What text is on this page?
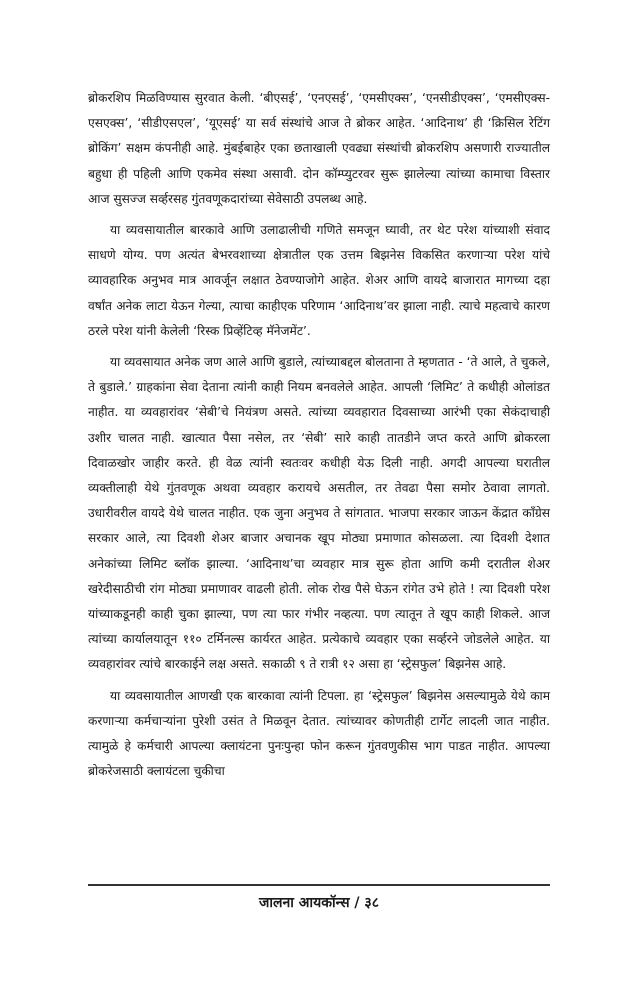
ब्रोकरशिप मिळविण्यास सुरवात केली. ‘बीएसई’, ‘एनएसई’, ‘एमसीएक्स’, ‘एनसीडीएक्स’, ‘एमसीएक्स-एसएक्स’, ‘सीडीएसएल’, ‘यूएसई’ या सर्व संस्थांचे आज ते ब्रोकर आहेत. ‘आदिनाथ’ ही ‘क्रिसिल रेटिंग ब्रोकिंग’ सक्षम कंपनीही आहे. मुंबईबाहेर एका छताखाली एवढ्या संस्थांची ब्रोकरशिप असणारी राज्यातील बहुधा ही पहिली आणि एकमेव संस्था असावी. दोन कॉम्प्युटरवर सुरू झालेल्या त्यांच्या कामाचा विस्तार आज सुसज्ज सर्व्हरसह गुंतवणूकदारांच्या सेवेसाठी उपलब्ध आहे.

या व्यवसायातील बारकावे आणि उलाढालीची गणिते समजून घ्यावी, तर थेट परेश यांच्याशी संवाद साधणे योग्य. पण अत्यंत बेभरवशाच्या क्षेत्रातील एक उत्तम बिझनेस विकसित करणाऱ्या परेश यांचे व्यावहारिक अनुभव मात्र आवर्जून लक्षात ठेवण्याजोगे आहेत. शेअर आणि वायदे बाजारात मागच्या दहा वर्षांत अनेक लाटा येऊन गेल्या, त्याचा काहीएक परिणाम ‘आदिनाथ’वर झाला नाही. त्याचे महत्वाचे कारण ठरले परेश यांनी केलेली ‘रिस्क प्रिव्हेंटिव्ह मॅनेजमेंट’.

या व्यवसायात अनेक जण आले आणि बुडाले, त्यांच्याबद्दल बोलताना ते म्हणतात - ‘ते आले, ते चुकले, ते बुडाले.’ ग्राहकांना सेवा देताना त्यांनी काही नियम बनवलेले आहेत. आपली ‘लिमिट’ ते कधीही ओलांडत नाहीत. या व्यवहारांवर ‘सेबी’चे नियंत्रण असते. त्यांच्या व्यवहारात दिवसाच्या आरंभी एका सेकंदाचाही उशीर चालत नाही. खात्यात पैसा नसेल, तर ‘सेबी’ सारे काही तातडीने जप्त करते आणि ब्रोकरला दिवाळखोर जाहीर करते. ही वेळ त्यांनी स्वतःवर कधीही येऊ दिली नाही. अगदी आपल्या घरातील व्यक्तीलाही येथे गुंतवणूक अथवा व्यवहार करायचे असतील, तर तेवढा पैसा समोर ठेवावा लागतो. उधारीवरील वायदे येथे चालत नाहीत. एक जुना अनुभव ते सांगतात. भाजपा सरकार जाऊन केंद्रात काँग्रेस सरकार आले, त्या दिवशी शेअर बाजार अचानक खूप मोठ्या प्रमाणात कोसळला. त्या दिवशी देशात अनेकांच्या लिमिट ब्लॉक झाल्या. ‘आदिनाथ’चा व्यवहार मात्र सुरू होता आणि कमी दरातील शेअर खरेदीसाठीची रांग मोठ्या प्रमाणावर वाढली होती. लोक रोख पैसे घेऊन रांगेत उभे होते ! त्या दिवशी परेश यांच्याकडूनही काही चुका झाल्या, पण त्या फार गंभीर नव्हत्या. पण त्यातून ते खूप काही शिकले. आज त्यांच्या कार्यालयातून ११० टर्मिनल्स कार्यरत आहेत. प्रत्येकाचे व्यवहार एका सर्व्हरने जोडलेले आहेत. या व्यवहारांवर त्यांचे बारकाईने लक्ष असते. सकाळी ९ ते रात्री १२ असा हा ‘स्ट्रेसफुल’ बिझनेस आहे.

या व्यवसायातील आणखी एक बारकावा त्यांनी टिपला. हा ‘स्ट्रेसफुल’ बिझनेस असल्यामुळे येथे काम करणाऱ्या कर्मचाऱ्यांना पुरेशी उसंत ते मिळवून देतात. त्यांच्यावर कोणतीही टार्गेट लादली जात नाहीत. त्यामुळे हे कर्मचारी आपल्या क्लायंटना पुनःपुन्हा फोन करून गुंतवणुकीस भाग पाडत नाहीत. आपल्या ब्रोकरेजसाठी क्लायंटला चुकीचा

जालना आयकॉन्स / ३८
